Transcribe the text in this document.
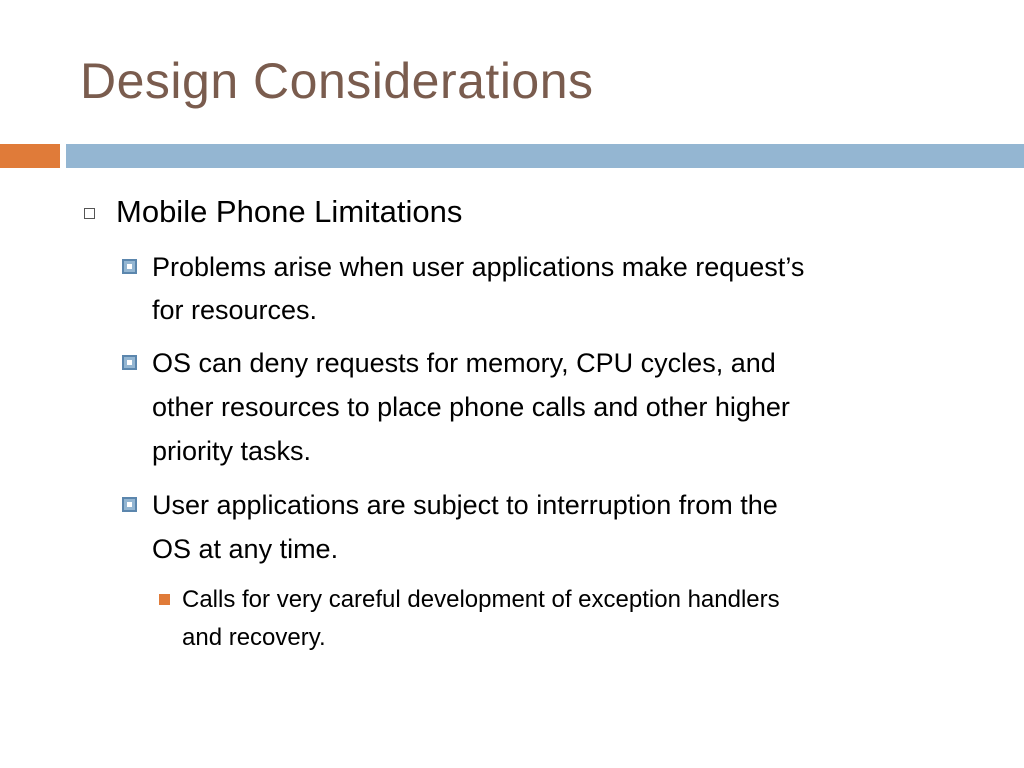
Design Considerations
Mobile Phone Limitations
Problems arise when user applications make request’s
for resources.
OS can deny requests for memory, CPU cycles, and
other resources to place phone calls and other higher
priority tasks.
User applications are subject to interruption from the
OS at any time.
Calls for very careful development of exception handlers
and recovery.
